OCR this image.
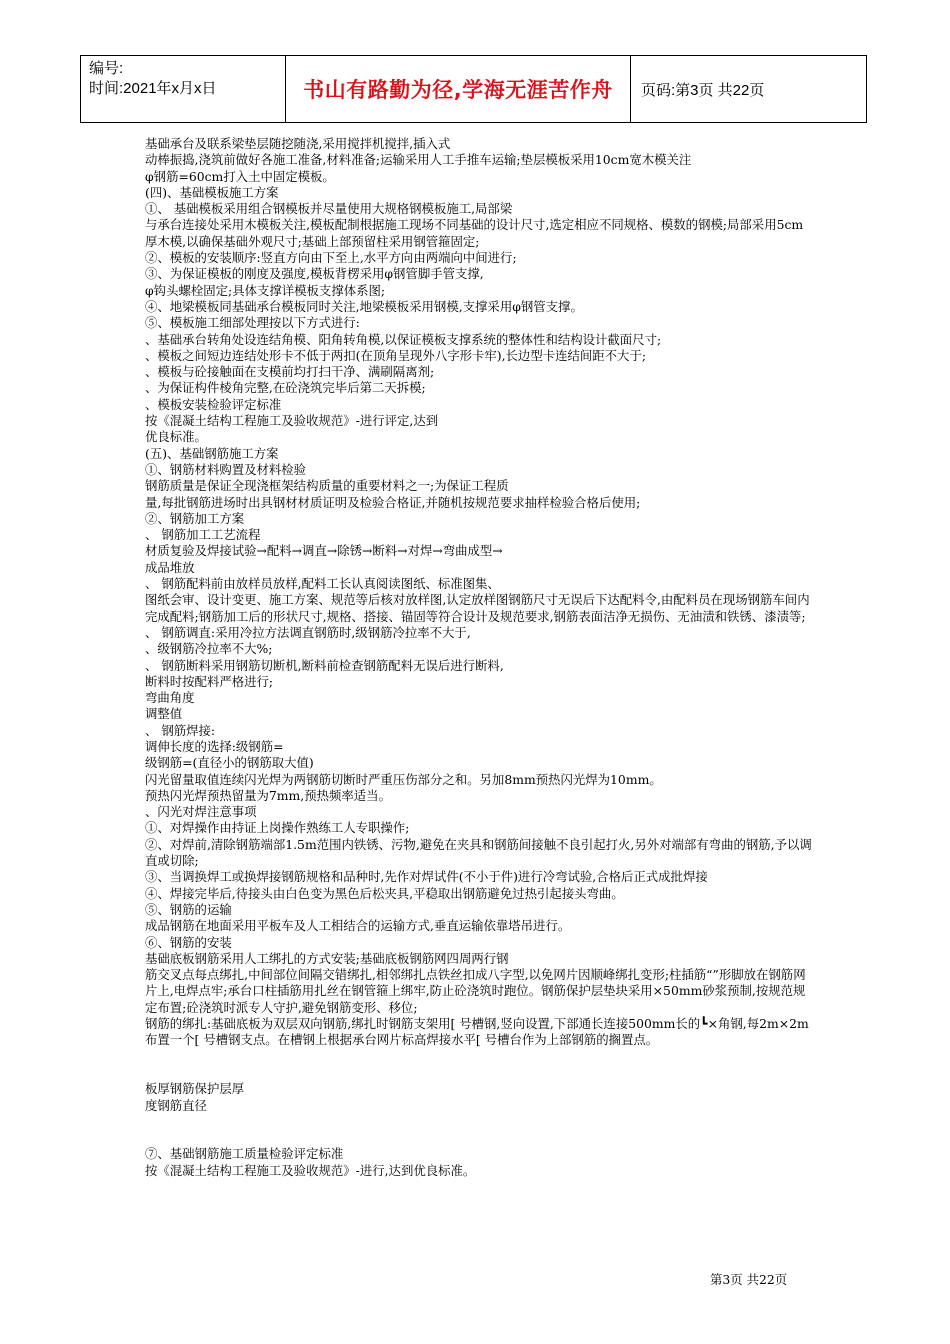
编号:
时间:2021年x月x日	书山有路勤为径,学海无涯苦作舟 页码:第3页 共22页

基础承台及联系梁垫层随挖随浇,采用搅拌机搅拌,插入式

动棒振捣,浇筑前做好各施工准备,材料准备;运输采用人工手推车运输;垫层模板采用10cm宽木模关注

φ钢筋=60cm打入土中固定模板。

(四)、基础模板施工方案

①、 基础模板采用组合钢模板并尽量使用大规格钢模板施工,局部梁

与承台连接处采用木模板关注,模板配制根据施工现场不同基础的设计尺寸,选定相应不同规格、模数的钢模;局部采用5cm厚木模,以确保基础外观尺寸;基础上部预留柱采用钢管箍固定;

②、模板的安装顺序:竖直方向由下至上,水平方向由两端向中间进行;

③、为保证模板的刚度及强度,模板背楞采用φ钢管脚手管支撑,

φ钩头螺栓固定;具体支撑详模板支撑体系图;

④、地梁模板同基础承台模板同时关注,地梁模板采用钢模,支撑采用φ钢管支撑。

⑤、模板施工细部处理按以下方式进行:

、基础承台转角处设连结角模、阳角转角模,以保证模板支撑系统的整体性和结构设计截面尺寸;

、模板之间短边连结处形卡不低于两扣(在顶角呈现外八字形卡牢),长边型卡连结间距不大于;

、模板与砼接触面在支模前均打扫干净、满刷隔离剂;

、为保证构件棱角完整,在砼浇筑完毕后第二天拆模;

、模板安装检验评定标准

按《混凝土结构工程施工及验收规范》-进行评定,达到

优良标准。

(五)、基础钢筋施工方案

①、钢筋材料购置及材料检验

钢筋质量是保证全现浇框架结构质量的重要材料之一;为保证工程质

量,每批钢筋进场时出具钢材材质证明及检验合格证,并随机按规范要求抽样检验合格后使用;

②、钢筋加工方案

、 钢筋加工工艺流程

材质复验及焊接试验→配料→调直→除锈→断料→对焊→弯曲成型→

成品堆放

、 钢筋配料前由放样员放样,配料工长认真阅读图纸、标准图集、

图纸会审、设计变更、施工方案、规范等后核对放样图,认定放样图钢筋尺寸无误后下达配料令,由配料员在现场钢筋车间内完成配料;钢筋加工后的形状尺寸,规格、搭接、锚固等符合设计及规范要求,钢筋表面洁净无损伤、无油渍和铁锈、漆渍等;

、 钢筋调直:采用冷拉方法调直钢筋时,级钢筋冷拉率不大于,

、级钢筋冷拉率不大%;

、 钢筋断料采用钢筋切断机,断料前检查钢筋配料无误后进行断料,

断料时按配料严格进行;

弯曲角度

调整值

、 钢筋焊接:

调伸长度的选择:级钢筋=

级钢筋=(直径小的钢筋取大值)

闪光留量取值连续闪光焊为两钢筋切断时严重压伤部分之和。另加8mm预热闪光焊为10mm。

预热闪光焊预热留量为7mm,预热频率适当。

、闪光对焊注意事项

①、对焊操作由持证上岗操作熟练工人专职操作;

②、对焊前,清除钢筋端部1.5m范围内铁锈、污物,避免在夹具和钢筋间接触不良引起打火,另外对端部有弯曲的钢筋,予以调直或切除;

③、当调换焊工或换焊接钢筋规格和品种时,先作对焊试件(不小于件)进行冷弯试验,合格后正式成批焊接

④、焊接完毕后,待接头由白色变为黑色后松夹具,平稳取出钢筋避免过热引起接头弯曲。

⑤、钢筋的运输

成品钢筋在地面采用平板车及人工相结合的运输方式,垂直运输依靠塔吊进行。

⑥、钢筋的安装

基础底板钢筋采用人工绑扎的方式安装;基础底板钢筋网四周两行钢

筋交叉点每点绑扎,中间部位间隔交错绑扎,相邻绑扎点铁丝扣成八字型,以免网片因顺峰绑扎变形;柱插筋“”形脚放在钢筋网片上,电焊点牢;承台口柱插筋用扎丝在钢管箍上绑牢,防止砼浇筑时跑位。钢筋保护层垫块采用×50mm砂浆预制,按规范规定布置;砼浇筑时派专人守护,避免钢筋变形、移位;

钢筋的绑扎:基础底板为双层双向钢筋,绑扎时钢筋支架用[ 号槽钢,竖向设置,下部通长连接500mm长的┗×角钢,每2m×2m布置一个[ 号槽钢支点。在槽钢上根据承台网片标高焊接水平[ 号槽台作为上部钢筋的搁置点。

板厚钢筋保护层厚

度钢筋直径

⑦、基础钢筋施工质量检验评定标准

按《混凝土结构工程施工及验收规范》-进行,达到优良标准。

第3页 共22页
